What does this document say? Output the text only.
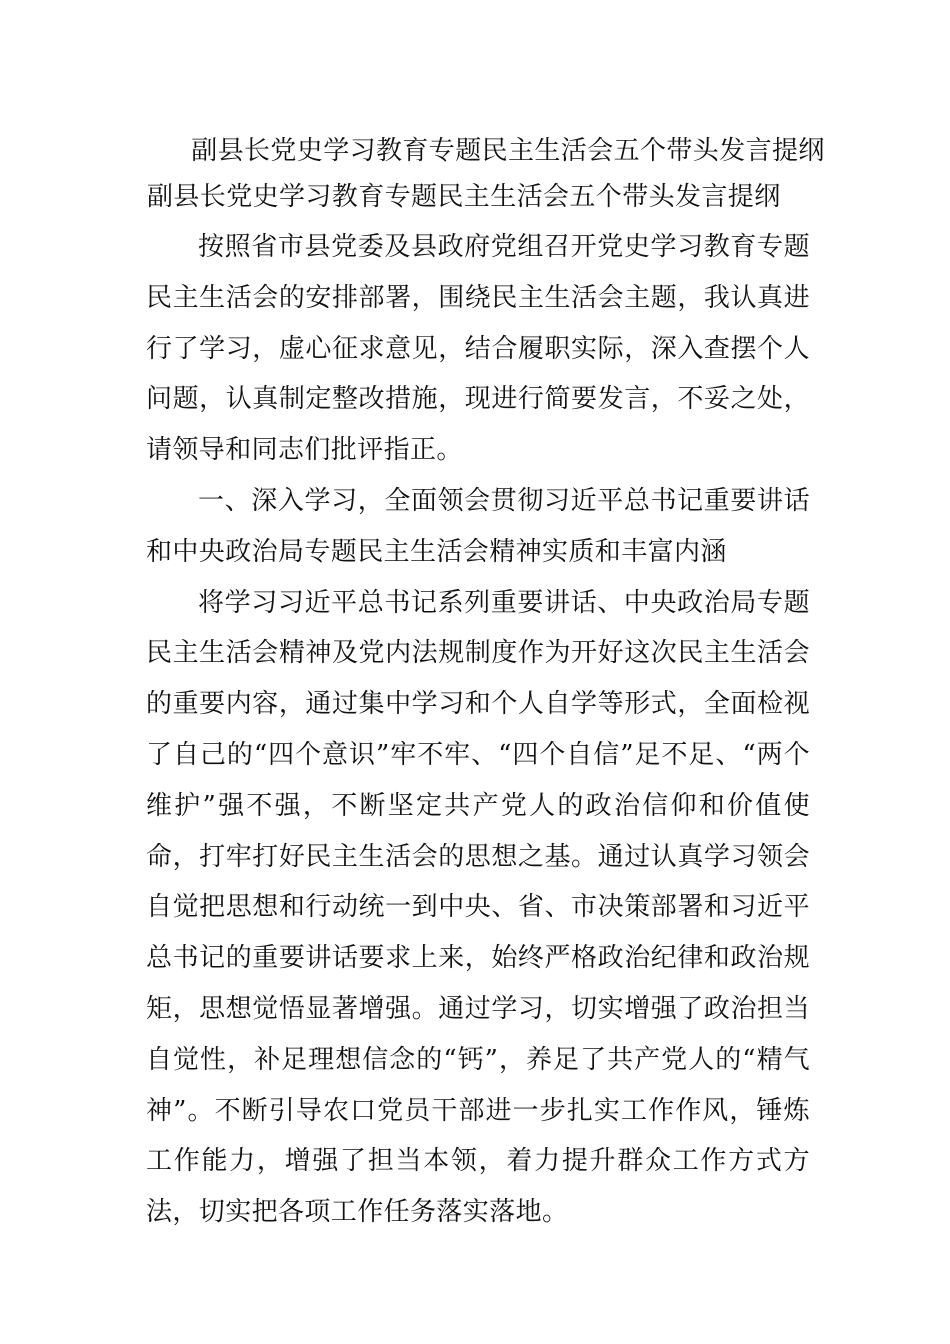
副县长党史学习教育专题民主生活会五个带头发言提纲
副县长党史学习教育专题民主生活会五个带头发言提纲

按照省市县党委及县政府党组召开党史学习教育专题民主生活会的安排部署，围绕民主生活会主题，我认真进行了学习，虚心征求意见，结合履职实际，深入查摆个人问题，认真制定整改措施，现进行简要发言，不妥之处，请领导和同志们批评指正。

一、深入学习，全面领会贯彻习近平总书记重要讲话和中央政治局专题民主生活会精神实质和丰富内涵

将学习习近平总书记系列重要讲话、中央政治局专题民主生活会精神及党内法规制度作为开好这次民主生活会的重要内容，通过集中学习和个人自学等形式，全面检视了自己的“四个意识”牢不牢、“四个自信”足不足、“两个维护”强不强，不断坚定共产党人的政治信仰和价值使命，打牢打好民主生活会的思想之基。通过认真学习领会自觉把思想和行动统一到中央、省、市决策部署和习近平总书记的重要讲话要求上来，始终严格政治纪律和政治规矩，思想觉悟显著增强。通过学习，切实增强了政治担当自觉性，补足理想信念的“钙”，养足了共产党人的“精气神”。不断引导农口党员干部进一步扎实工作作风，锤炼工作能力，增强了担当本领，着力提升群众工作方式方法，切实把各项工作任务落实落地。
